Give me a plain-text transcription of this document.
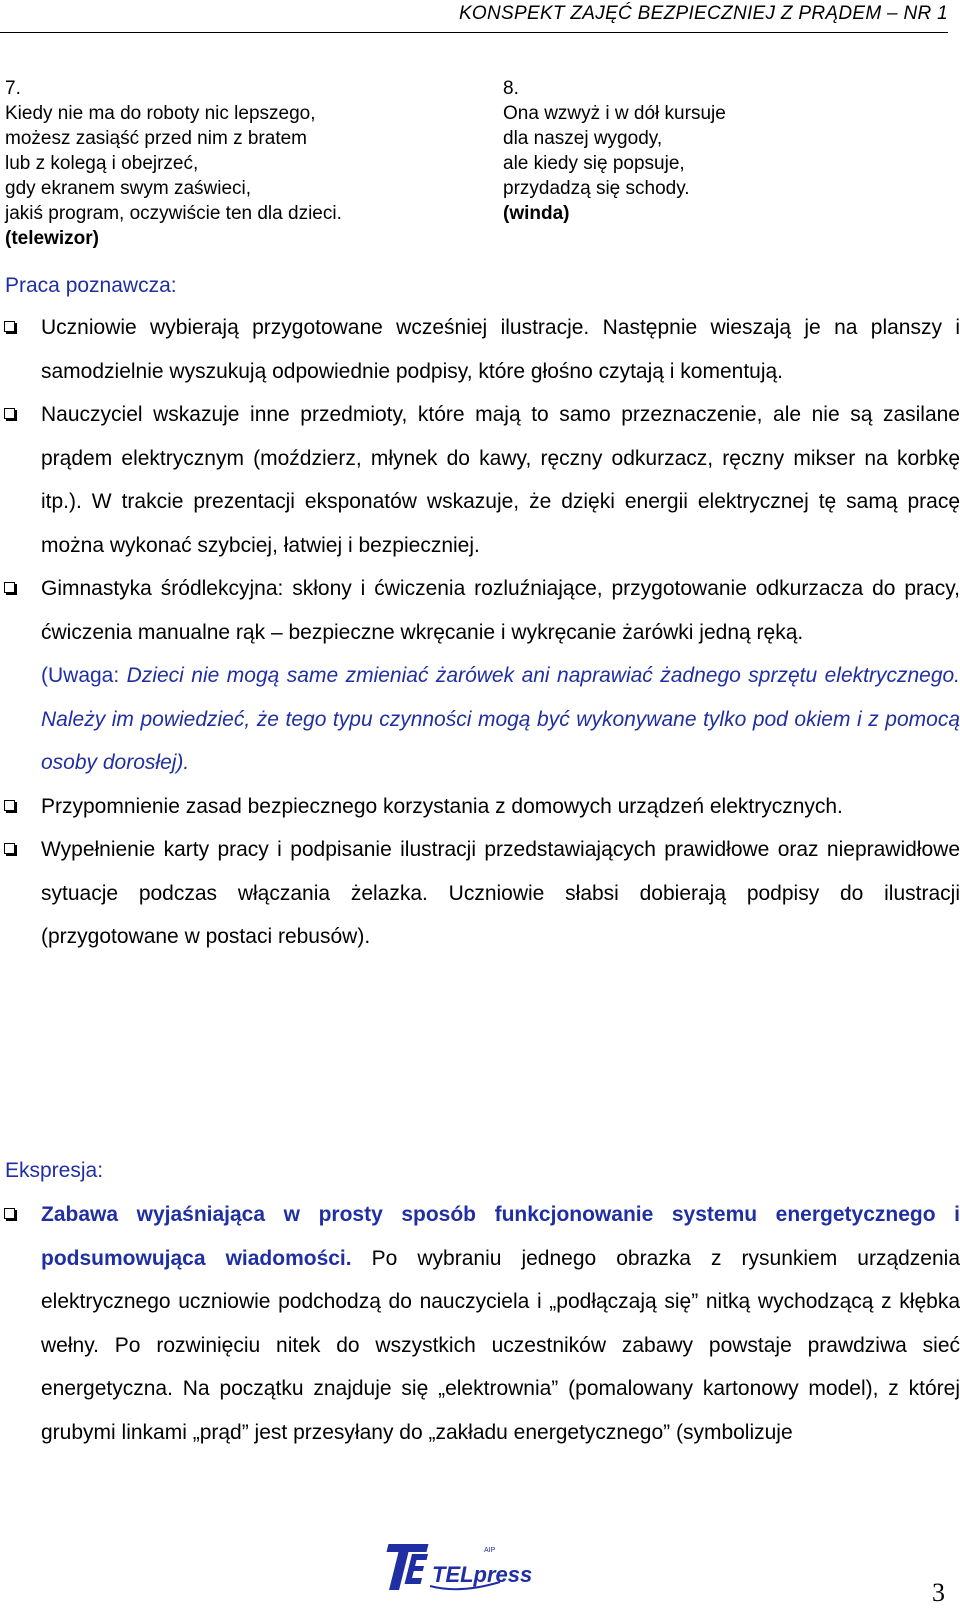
KONSPEKT ZAJĘĆ BEZPIECZNIEJ Z PRĄDEM – NR 1
7.
Kiedy nie ma do roboty nic lepszego,
możesz zasiąść przed nim z bratem
lub z kolegą i obejrzeć,
gdy ekranem swym zaświeci,
jakiś program, oczywiście ten dla dzieci.
(telewizor)
8.
Ona wzwyż i w dół kursuje
dla naszej wygody,
ale kiedy się popsuje,
przydadzą się schody.
(winda)
Praca poznawcza:
Uczniowie wybierają przygotowane wcześniej ilustracje. Następnie wieszają je na planszy i samodzielnie wyszukują odpowiednie podpisy, które głośno czytają i komentują.
Nauczyciel wskazuje inne przedmioty, które mają to samo przeznaczenie, ale nie są zasilane prądem elektrycznym (moździerz, młynek do kawy, ręczny odkurzacz, ręczny mikser na korbkę itp.). W trakcie prezentacji eksponatów wskazuje, że dzięki energii elektrycznej tę samą pracę można wykonać szybciej, łatwiej i bezpieczniej.
Gimnastyka śródlekcyjna: skłony i ćwiczenia rozluźniające, przygotowanie odkurzacza do pracy, ćwiczenia manualne rąk – bezpieczne wkręcanie i wykręcanie żarówki jedną ręką.
(Uwaga: Dzieci nie mogą same zmieniać żarówek ani naprawiać żadnego sprzętu elektrycznego. Należy im powiedzieć, że tego typu czynności mogą być wykonywane tylko pod okiem i z pomocą osoby dorosłej).
Przypomnienie zasad bezpiecznego korzystania z domowych urządzeń elektrycznych.
Wypełnienie karty pracy i podpisanie ilustracji przedstawiających prawidłowe oraz nieprawidłowe sytuacje podczas włączania żelazka. Uczniowie słabsi dobierają podpisy do ilustracji (przygotowane w postaci rebusów).
Ekspresja:
Zabawa wyjaśniająca w prosty sposób funkcjonowanie systemu energetycznego i podsumowująca wiadomości. Po wybraniu jednego obrazka z rysunkiem urządzenia elektrycznego uczniowie podchodzą do nauczyciela i „podłączają się” nitką wychodzącą z kłębka wełny. Po rozwinięciu nitek do wszystkich uczestników zabawy powstaje prawdziwa sieć energetyczna. Na początku znajduje się „elektrownia” (pomalowany kartonowy model), z której grubymi linkami „prąd” jest przesyłany do „zakładu energetycznego” (symbolizuje
TELpress
AIP
3
